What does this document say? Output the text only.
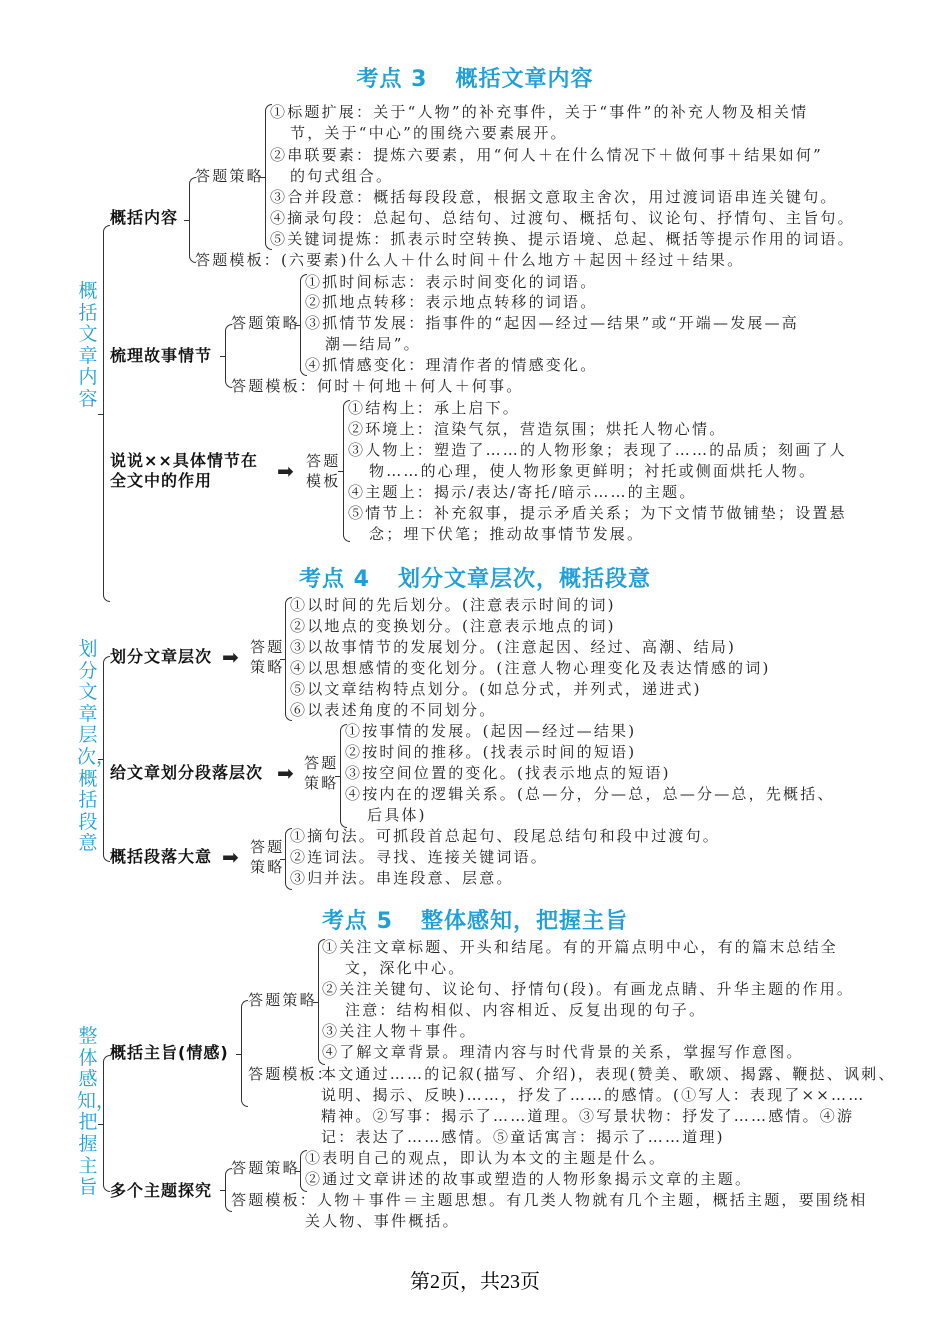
考点 3 概括文章内容
概括文章内容
概括内容
答题策略
①标题扩展：关于“人物”的补充事件，关于“事件”的补充人物及相关情
节，关于“中心”的围绕六要素展开。
②串联要素：提炼六要素，用“何人＋在什么情况下＋做何事＋结果如何”
的句式组合。
③合并段意：概括每段段意，根据文意取主舍次，用过渡词语串连关键句。
④摘录句段：总起句、总结句、过渡句、概括句、议论句、抒情句、主旨句。
⑤关键词提炼：抓表示时空转换、提示语境、总起、概括等提示作用的词语。
答题模板：(六要素)什么人＋什么时间＋什么地方＋起因＋经过＋结果。
梳理故事情节
答题策略
①抓时间标志：表示时间变化的词语。
②抓地点转移：表示地点转移的词语。
③抓情节发展：指事件的“起因—经过—结果”或“开端—发展—高
潮—结局”。
④抓情感变化：理清作者的情感变化。
答题模板：何时＋何地＋何人＋何事。
说说××具体情节在
全文中的作用	➡ 答题
模板
①结构上：承上启下。
②环境上：渲染气氛，营造氛围；烘托人物心情。
③人物上：塑造了……的人物形象；表现了……的品质；刻画了人
物……的心理，使人物形象更鲜明；衬托或侧面烘托人物。
④主题上：揭示/表达/寄托/暗示……的主题。
⑤情节上：补充叙事，提示矛盾关系；为下文情节做铺垫；设置悬
念；埋下伏笔；推动故事情节发展。
考点 4 划分文章层次，概括段意
划分文章层次，概括段意
划分文章层次 ➡ 答题
策略
①以时间的先后划分。(注意表示时间的词)
②以地点的变换划分。(注意表示地点的词)
③以故事情节的发展划分。(注意起因、经过、高潮、结局)
④以思想感情的变化划分。(注意人物心理变化及表达情感的词)
⑤以文章结构特点划分。(如总分式，并列式，递进式)
⑥以表述角度的不同划分。
给文章划分段落层次 ➡ 答题
策略
①按事情的发展。(起因—经过—结果)
②按时间的推移。(找表示时间的短语)
③按空间位置的变化。(找表示地点的短语)
④按内在的逻辑关系。(总—分，分—总，总—分—总，先概括、
后具体)
概括段落大意 ➡ 答题
策略
①摘句法。可抓段首总起句、段尾总结句和段中过渡句。
②连词法。寻找、连接关键词语。
③归并法。串连段意、层意。
考点 5 整体感知，把握主旨
整体感知，把握主旨
概括主旨(情感)
答题策略
①关注文章标题、开头和结尾。有的开篇点明中心，有的篇末总结全
文，深化中心。
②关注关键句、议论句、抒情句(段)。有画龙点睛、升华主题的作用。
注意：结构相似、内容相近、反复出现的句子。
③关注人物＋事件。
④了解文章背景。理清内容与时代背景的关系，掌握写作意图。
答题模板：
本文通过……的记叙(描写、介绍)，表现(赞美、歌颂、揭露、鞭挞、讽刺、
说明、揭示、反映)……，抒发了……的感情。(①写人：表现了××……
精神。②写事：揭示了……道理。③写景状物：抒发了……感情。④游
记：表达了……感情。⑤童话寓言：揭示了……道理)
多个主题探究
答题策略
①表明自己的观点，即认为本文的主题是什么。
②通过文章讲述的故事或塑造的人物形象揭示文章的主题。
答题模板：人物＋事件＝主题思想。有几类人物就有几个主题，概括主题，要围绕相
关人物、事件概括。
第2页，共23页
